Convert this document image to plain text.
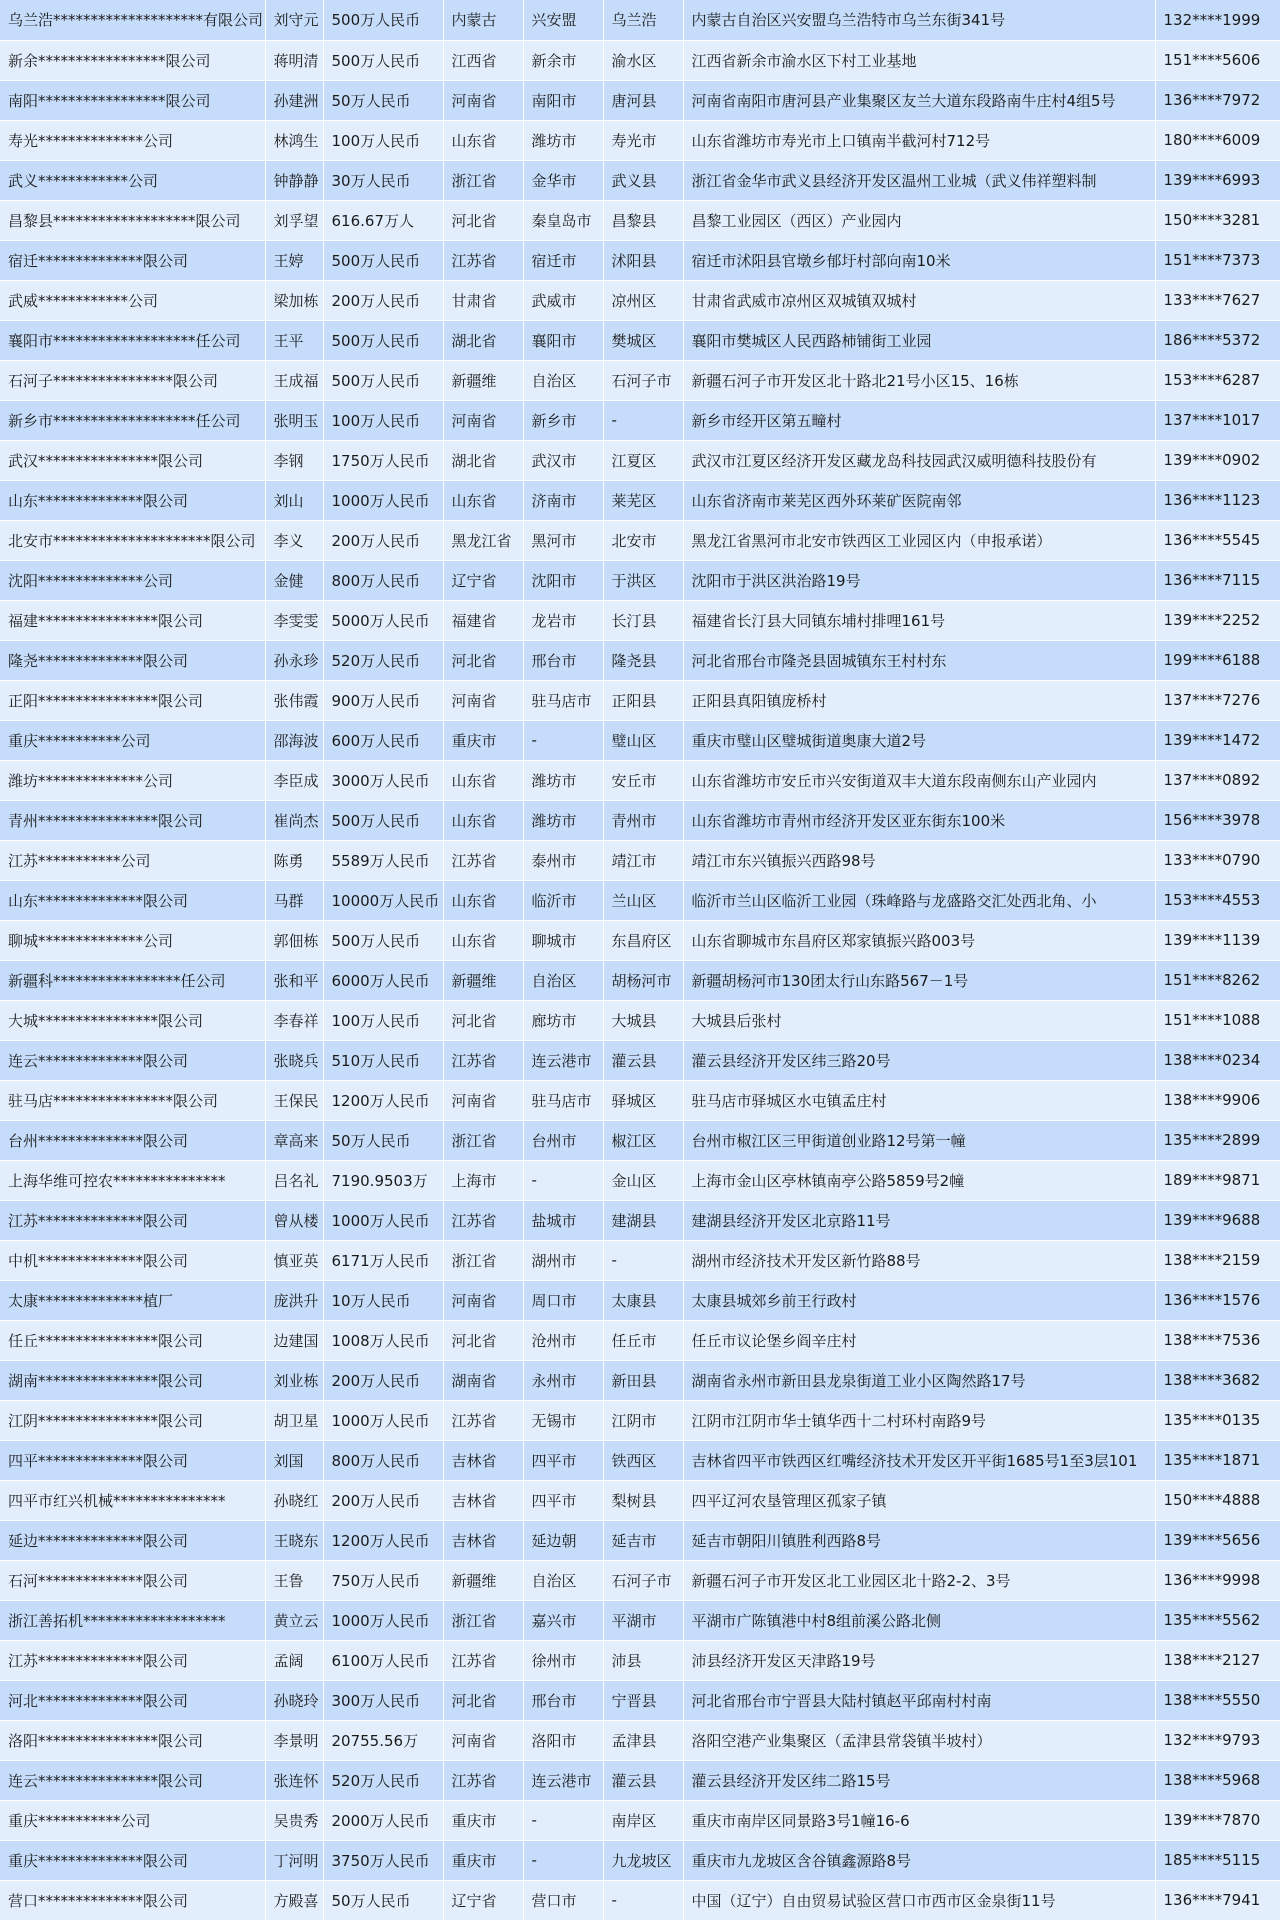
乌兰浩********************有限公司	刘守元	500万人民币	内蒙古	兴安盟	乌兰浩	内蒙古自治区兴安盟乌兰浩特市乌兰东街341号	132****1999
新余*****************限公司	蒋明清	500万人民币	江西省	新余市	渝水区	江西省新余市渝水区下村工业基地	151****5606
南阳*****************限公司	孙建洲	50万人民币	河南省	南阳市	唐河县	河南省南阳市唐河县产业集聚区友兰大道东段路南牛庄村4组5号	136****7972
寿光**************公司	林鸿生	100万人民币	山东省	潍坊市	寿光市	山东省潍坊市寿光市上口镇南半截河村712号	180****6009
武义************公司	钟静静	30万人民币	浙江省	金华市	武义县	浙江省金华市武义县经济开发区温州工业城（武义伟祥塑料制	139****6993
昌黎县*******************限公司	刘孚望	616.67万人	河北省	秦皇岛市	昌黎县	昌黎工业园区（西区）产业园内	150****3281
宿迁**************限公司	王婷	500万人民币	江苏省	宿迁市	沭阳县	宿迁市沭阳县官墩乡郁圩村部向南10米	151****7373
武威************公司	梁加栋	200万人民币	甘肃省	武威市	凉州区	甘肃省武威市凉州区双城镇双城村	133****7627
襄阳市*******************任公司	王平	500万人民币	湖北省	襄阳市	樊城区	襄阳市樊城区人民西路柿铺街工业园	186****5372
石河子****************限公司	王成福	500万人民币	新疆维	自治区	石河子市	新疆石河子市开发区北十路北21号小区15、16栋	153****6287
新乡市*******************任公司	张明玉	100万人民币	河南省	新乡市	-	新乡市经开区第五疃村	137****1017
武汉****************限公司	李钢	1750万人民币	湖北省	武汉市	江夏区	武汉市江夏区经济开发区藏龙岛科技园武汉威明德科技股份有	139****0902
山东**************限公司	刘山	1000万人民币	山东省	济南市	莱芜区	山东省济南市莱芜区西外环莱矿医院南邻	136****1123
北安市*********************限公司	李义	200万人民币	黑龙江省	黑河市	北安市	黑龙江省黑河市北安市铁西区工业园区内（申报承诺）	136****5545
沈阳**************公司	金健	800万人民币	辽宁省	沈阳市	于洪区	沈阳市于洪区洪治路19号	136****7115
福建****************限公司	李雯雯	5000万人民币	福建省	龙岩市	长汀县	福建省长汀县大同镇东埔村排哩161号	139****2252
隆尧**************限公司	孙永珍	520万人民币	河北省	邢台市	隆尧县	河北省邢台市隆尧县固城镇东王村村东	199****6188
正阳****************限公司	张伟霞	900万人民币	河南省	驻马店市	正阳县	正阳县真阳镇庞桥村	137****7276
重庆***********公司	邵海波	600万人民币	重庆市	-	璧山区	重庆市璧山区璧城街道奥康大道2号	139****1472
潍坊**************公司	李臣成	3000万人民币	山东省	潍坊市	安丘市	山东省潍坊市安丘市兴安街道双丰大道东段南侧东山产业园内	137****0892
青州****************限公司	崔尚杰	500万人民币	山东省	潍坊市	青州市	山东省潍坊市青州市经济开发区亚东街东100米	156****3978
江苏***********公司	陈勇	5589万人民币	江苏省	泰州市	靖江市	靖江市东兴镇振兴西路98号	133****0790
山东**************限公司	马群	10000万人民币	山东省	临沂市	兰山区	临沂市兰山区临沂工业园（珠峰路与龙盛路交汇处西北角、小	153****4553
聊城**************公司	郭佃栋	500万人民币	山东省	聊城市	东昌府区	山东省聊城市东昌府区郑家镇振兴路003号	139****1139
新疆科*****************任公司	张和平	6000万人民币	新疆维	自治区	胡杨河市	新疆胡杨河市130团太行山东路567－1号	151****8262
大城****************限公司	李春祥	100万人民币	河北省	廊坊市	大城县	大城县后张村	151****1088
连云**************限公司	张晓兵	510万人民币	江苏省	连云港市	灌云县	灌云县经济开发区纬三路20号	138****0234
驻马店****************限公司	王保民	1200万人民币	河南省	驻马店市	驿城区	驻马店市驿城区水屯镇孟庄村	138****9906
台州**************限公司	章高来	50万人民币	浙江省	台州市	椒江区	台州市椒江区三甲街道创业路12号第一幢	135****2899
上海华维可控农***************	吕名礼	7190.9503万	上海市	-	金山区	上海市金山区亭林镇南亭公路5859号2幢	189****9871
江苏**************限公司	曾从楼	1000万人民币	江苏省	盐城市	建湖县	建湖县经济开发区北京路11号	139****9688
中机**************限公司	慎亚英	6171万人民币	浙江省	湖州市	-	湖州市经济技术开发区新竹路88号	138****2159
太康**************植厂	庞洪升	10万人民币	河南省	周口市	太康县	太康县城郊乡前王行政村	136****1576
任丘****************限公司	边建国	1008万人民币	河北省	沧州市	任丘市	任丘市议论堡乡阎辛庄村	138****7536
湖南****************限公司	刘业栋	200万人民币	湖南省	永州市	新田县	湖南省永州市新田县龙泉街道工业小区陶然路17号	138****3682
江阴****************限公司	胡卫星	1000万人民币	江苏省	无锡市	江阴市	江阴市江阴市华士镇华西十二村环村南路9号	135****0135
四平**************限公司	刘国	800万人民币	吉林省	四平市	铁西区	吉林省四平市铁西区红嘴经济技术开发区开平街1685号1至3层101	135****1871
四平市红兴机械***************	孙晓红	200万人民币	吉林省	四平市	梨树县	四平辽河农垦管理区孤家子镇	150****4888
延边**************限公司	王晓东	1200万人民币	吉林省	延边朝	延吉市	延吉市朝阳川镇胜利西路8号	139****5656
石河**************限公司	王鲁	750万人民币	新疆维	自治区	石河子市	新疆石河子市开发区北工业园区北十路2-2、3号	136****9998
浙江善拓机*******************	黄立云	1000万人民币	浙江省	嘉兴市	平湖市	平湖市广陈镇港中村8组前溪公路北侧	135****5562
江苏**************限公司	孟阔	6100万人民币	江苏省	徐州市	沛县	沛县经济开发区天津路19号	138****2127
河北**************限公司	孙晓玲	300万人民币	河北省	邢台市	宁晋县	河北省邢台市宁晋县大陆村镇赵平邱南村村南	138****5550
洛阳****************限公司	李景明	20755.56万	河南省	洛阳市	孟津县	洛阳空港产业集聚区（孟津县常袋镇半坡村）	132****9793
连云****************限公司	张连怀	520万人民币	江苏省	连云港市	灌云县	灌云县经济开发区纬二路15号	138****5968
重庆***********公司	吴贵秀	2000万人民币	重庆市	-	南岸区	重庆市南岸区同景路3号1幢16-6	139****7870
重庆**************限公司	丁河明	3750万人民币	重庆市	-	九龙坡区	重庆市九龙坡区含谷镇鑫源路8号	185****5115
营口**************限公司	方殿喜	50万人民币	辽宁省	营口市	-	中国（辽宁）自由贸易试验区营口市西市区金泉街11号	136****7941
